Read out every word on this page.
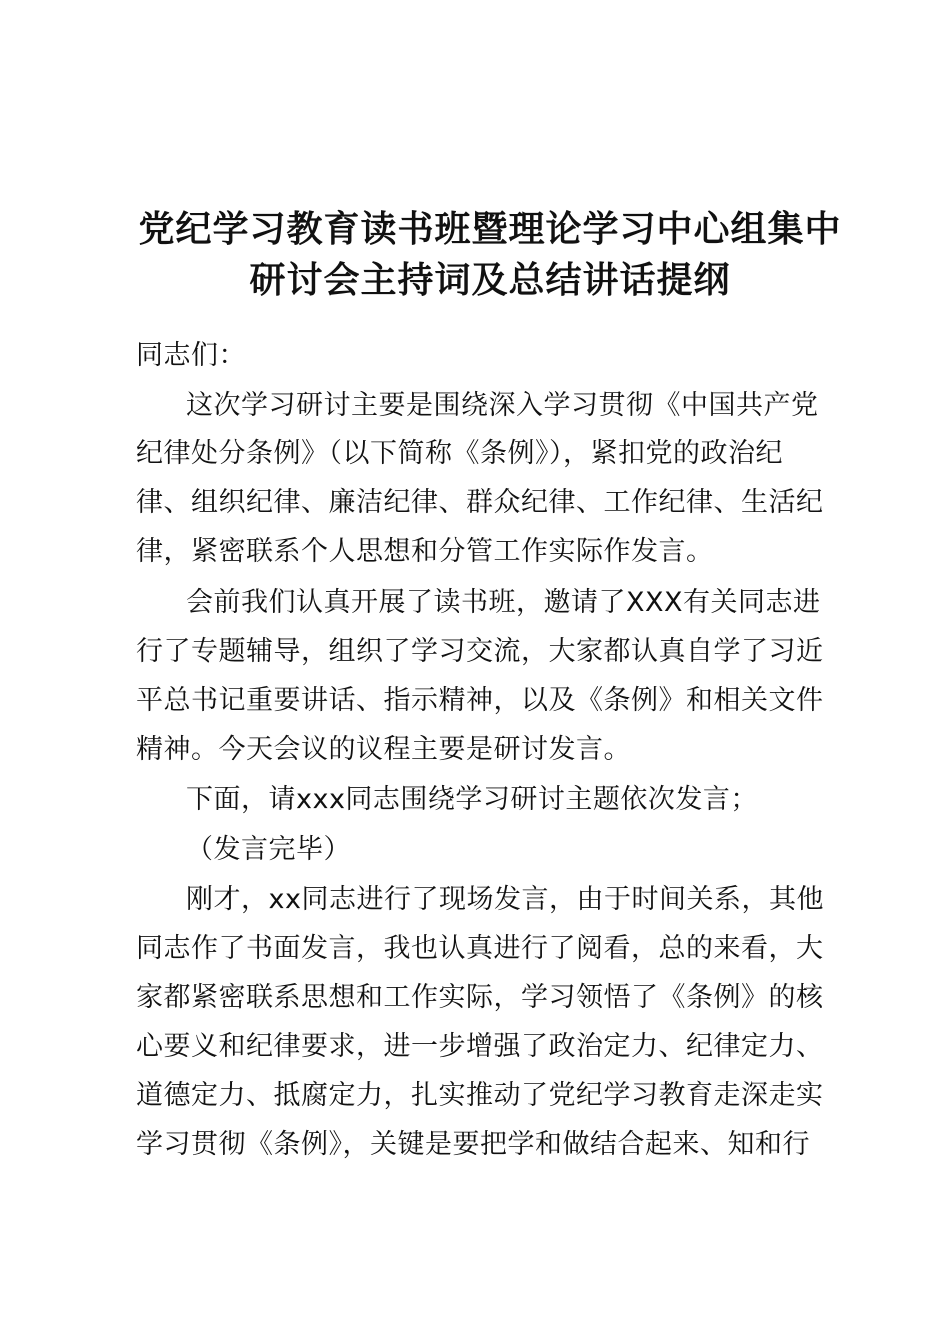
党纪学习教育读书班暨理论学习中心组集中
研讨会主持词及总结讲话提纲
同志们：
这次学习研讨主要是围绕深入学习贯彻《中国共产党
纪律处分条例》（以下简称《条例》），紧扣党的政治纪
律、组织纪律、廉洁纪律、群众纪律、工作纪律、生活纪
律，紧密联系个人思想和分管工作实际作发言。
会前我们认真开展了读书班，邀请了XXX有关同志进
行了专题辅导，组织了学习交流，大家都认真自学了习近
平总书记重要讲话、指示精神，以及《条例》和相关文件
精神。今天会议的议程主要是研讨发言。
下面，请xxx同志围绕学习研讨主题依次发言；
（发言完毕）
刚才，xx同志进行了现场发言，由于时间关系，其他
同志作了书面发言，我也认真进行了阅看，总的来看，大
家都紧密联系思想和工作实际，学习领悟了《条例》的核
心要义和纪律要求，进一步增强了政治定力、纪律定力、
道德定力、抵腐定力，扎实推动了党纪学习教育走深走实
学习贯彻《条例》，关键是要把学和做结合起来、知和行
